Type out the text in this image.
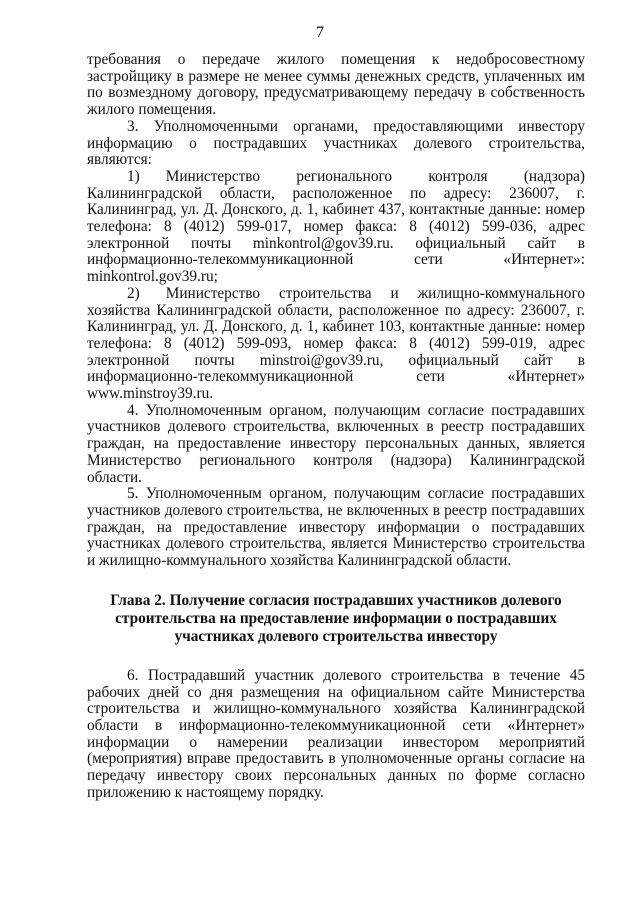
7

требования о передаче жилого помещения к недобросовестному застройщику в размере не менее суммы денежных средств, уплаченных им по возмездному договору, предусматривающему передачу в собственность жилого помещения.

3. Уполномоченными органами, предоставляющими инвестору информацию о пострадавших участниках долевого строительства, являются:

1) Министерство регионального контроля (надзора) Калининградской области, расположенное по адресу: 236007, г. Калининград, ул. Д. Донского, д. 1, кабинет 437, контактные данные: номер телефона: 8 (4012) 599-017, номер факса: 8 (4012) 599-036, адрес электронной почты minkontrol@gov39.ru. официальный сайт в информационно-телекоммуникационной сети «Интернет»: minkontrol.gov39.ru;

2) Министерство строительства и жилищно-коммунального хозяйства Калининградской области, расположенное по адресу: 236007, г. Калининград, ул. Д. Донского, д. 1, кабинет 103, контактные данные: номер телефона: 8 (4012) 599-093, номер факса: 8 (4012) 599-019, адрес электронной почты minstroi@gov39.ru, официальный сайт в информационно-телекоммуникационной сети «Интернет» www.minstroy39.ru.

4. Уполномоченным органом, получающим согласие пострадавших участников долевого строительства, включенных в реестр пострадавших граждан, на предоставление инвестору персональных данных, является Министерство регионального контроля (надзора) Калининградской области.

5. Уполномоченным органом, получающим согласие пострадавших участников долевого строительства, не включенных в реестр пострадавших граждан, на предоставление инвестору информации о пострадавших участниках долевого строительства, является Министерство строительства и жилищно-коммунального хозяйства Калининградской области.

Глава 2. Получение согласия пострадавших участников долевого строительства на предоставление информации о пострадавших участниках долевого строительства инвестору

6. Пострадавший участник долевого строительства в течение 45 рабочих дней со дня размещения на официальном сайте Министерства строительства и жилищно-коммунального хозяйства Калининградской области в информационно-телекоммуникационной сети «Интернет» информации о намерении реализации инвестором мероприятий (мероприятия) вправе предоставить в уполномоченные органы согласие на передачу инвестору своих персональных данных по форме согласно приложению к настоящему порядку.
